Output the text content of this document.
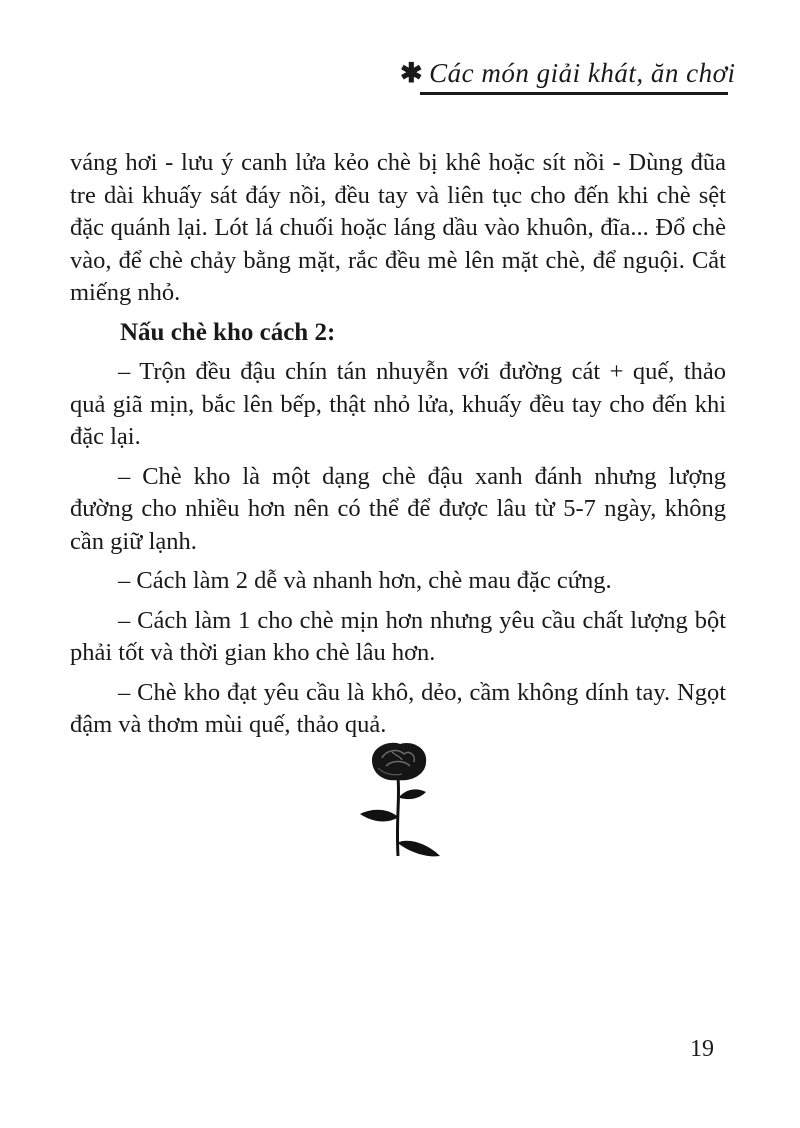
✱ Các món giải khát, ăn chơi

váng hơi - lưu ý canh lửa kẻo chè bị khê hoặc sít nồi - Dùng đũa tre dài khuấy sát đáy nồi, đều tay và liên tục cho đến khi chè sệt đặc quánh lại. Lót lá chuối hoặc láng dầu vào khuôn, đĩa... Đổ chè vào, để chè chảy bằng mặt, rắc đều mè lên mặt chè, để nguội. Cắt miếng nhỏ.

Nấu chè kho cách 2:

– Trộn đều đậu chín tán nhuyễn với đường cát + quế, thảo quả giã mịn, bắc lên bếp, thật nhỏ lửa, khuấy đều tay cho đến khi đặc lại.

– Chè kho là một dạng chè đậu xanh đánh nhưng lượng đường cho nhiều hơn nên có thể để được lâu từ 5-7 ngày, không cần giữ lạnh.

– Cách làm 2 dễ và nhanh hơn, chè mau đặc cứng.

– Cách làm 1 cho chè mịn hơn nhưng yêu cầu chất lượng bột phải tốt và thời gian kho chè lâu hơn.

– Chè kho đạt yêu cầu là khô, dẻo, cầm không dính tay. Ngọt đậm và thơm mùi quế, thảo quả.

19
